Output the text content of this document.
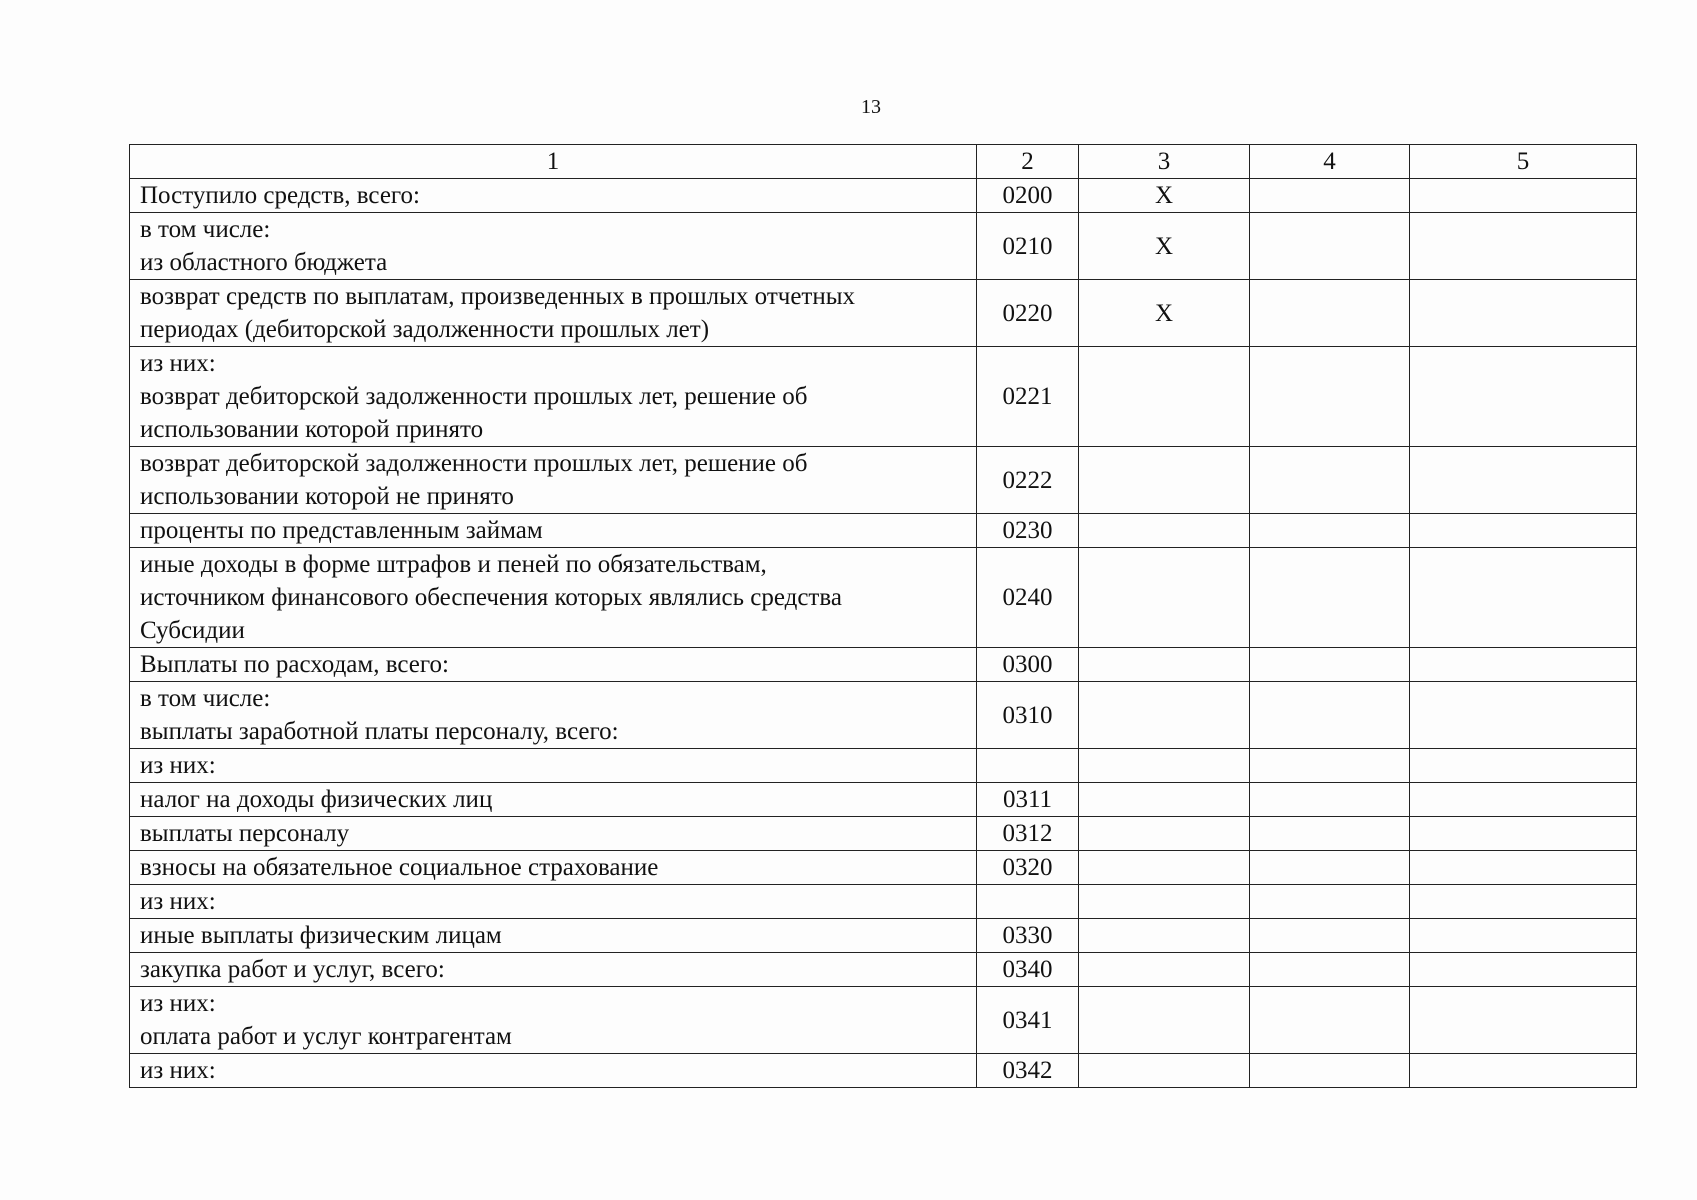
13
1	2	3	4	5

Поступило средств, всего:	0200	X		

в том числе:
из областного бюджета	0210	X		

возврат средств по выплатам, произведенных в прошлых отчетных
периодах (дебиторской задолженности прошлых лет)	0220	X		

из них:
возврат дебиторской задолженности прошлых лет, решение об
использовании которой принято	0221			

возврат дебиторской задолженности прошлых лет, решение об
использовании которой не принято	0222			

проценты по представленным займам	0230			

иные доходы в форме штрафов и пеней по обязательствам,
источником финансового обеспечения которых являлись средства
Субсидии	0240			

Выплаты по расходам, всего:	0300			

в том числе:
выплаты заработной платы персоналу, всего:	0310			

из них:				

налог на доходы физических лиц	0311			

выплаты персоналу	0312			

взносы на обязательное социальное страхование	0320			

из них:				

иные выплаты физическим лицам	0330			

закупка работ и услуг, всего:	0340			

из них:
оплата работ и услуг контрагентам	0341			

из них:	0342			
